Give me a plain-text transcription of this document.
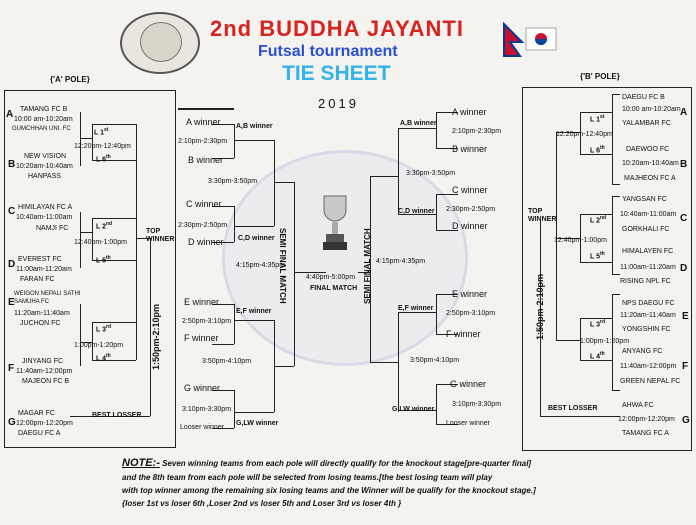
2nd BUDDHA JAYANTI
Futsal tournament
TIE SHEET
2019
{'A' POLE}
TAMANG FC B
10:00 am-10:20am
GUMCHHAN UNI. FC
A
NEW VISION
10:20am-10:40am
HANPASS
B
HIMILAYAN FC A
10:40am-11:00am
NAMJI FC
C
EVEREST FC
11:00am-11:20am
FARAN FC
D
WEIGON NEPALI SATHI SAMUHA FC
11:20am-11:40am
JUCHON FC
E
JINYANG FC
11:40am-12:00pm
MAJEON FC B
F
MAGAR FC
12:00pm-12:20pm
DAEGU FC A
G
L 1st
12:20pm-12:40pm
L 6th
L 2nd
12:40pm-1:00pm
L 5th
L 3rd
1:00pm-1:20pm
L 4th
TOP WINNER
1:50pm-2:10pm
BEST LOSSER
A winner
2:10pm-2:30pm
B winner
A,B winner
3:30pm-3:50pm
C winner
2:30pm-2:50pm
D winner C,D winner
4:15pm-4:35pm
E winner
2:50pm-3:10pm
F winner
E,F winner
3:50pm-4:10pm
G winner
3:10pm-3:30pm
Looser winner
G,LW winner
SEMI FINAL MATCH	4:40pm-5:00pm
FINAL MATCH
A winner
2:10pm-2:30pm
B winner
A,B winner
3:30pm-3:50pm
C winner
2:30pm-2:50pm
D winner
C,D winner
4:15pm-4:35pm
E winner
2:50pm-3:10pm
F winner
E,F winner
3:50pm-4:10pm
G winner
3:10pm-3:30pm
Looser winner
G,LW winner
SEMI FINAL MATCH
{'B' POLE}
DAEGU FC B
10:00 am-10:20am
YALAMBAR FC
A
DAEWOO FC
10:20am-10:40am
MAJHEON FC A
B
YANGSAN FC
10:40am-11:00am
GORKHALI FC
C
HIMALAYEN FC
11:00am-11:20am
RISING NPL FC
D
NPS DAEGU FC
11:20am-11:40am
YONGSHIN FC
E
ANYANG FC
11:40am-12:00pm
GREEN NEPAL FC
F
AHWA FC
12:00pm-12:20pm
TAMANG FC A
G
L 1st
12:20pm-12:40pm
L 6th
L 2nd
12:40pm-1:00pm
L 5th
L 3rd
1:00pm-1:20pm
L 4th
TOP WINNER
1:50pm-2:10pm
BEST LOSSER
NOTE:- Seven winning teams from each pole will directly qualify for the knockout stage[pre-quarter final]
and the 8th team from each pole will be selected from losing teams.[the best losing team will play
with top winner among the remaining six losing teams and the Winner will be qualify for the knockout stage.]
{loser 1st vs loser 6th ,Loser 2nd vs loser 5th and Loser 3rd vs loser 4th }
